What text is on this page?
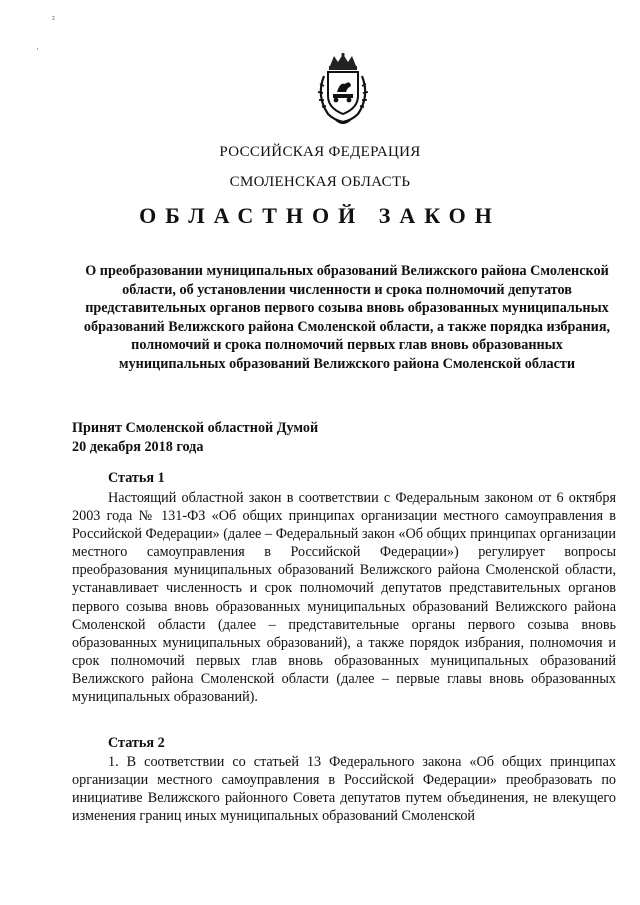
²
·
РОССИЙСКАЯ ФЕДЕРАЦИЯ
СМОЛЕНСКАЯ ОБЛАСТЬ
ОБЛАСТНОЙ ЗАКОН
О преобразовании муниципальных образований Велижского района Смоленской области, об установлении численности и срока полномочий депутатов представительных органов первого созыва вновь образованных муниципальных образований Велижского района Смоленской области, а также порядка избрания, полномочий и срока полномочий первых глав вновь образованных муниципальных образований Велижского района Смоленской области
Принят Смоленской областной Думой
20 декабря 2018 года
Статья 1

Настоящий областной закон в соответствии с Федеральным законом от 6 октября 2003 года № 131-ФЗ «Об общих принципах организации местного самоуправления в Российской Федерации» (далее – Федеральный закон «Об общих принципах организации местного самоуправления в Российской Федерации») регулирует вопросы преобразования муниципальных образований Велижского района Смоленской области, устанавливает численность и срок полномочий депутатов представительных органов первого созыва вновь образованных муниципальных образований Велижского района Смоленской области (далее – представительные органы первого созыва вновь образованных муниципальных образований), а также порядок избрания, полномочия и срок полномочий первых глав вновь образованных муниципальных образований Велижского района Смоленской области (далее – первые главы вновь образованных муниципальных образований).

Статья 2

1. В соответствии со статьей 13 Федерального закона «Об общих принципах организации местного самоуправления в Российской Федерации» преобразовать по инициативе Велижского районного Совета депутатов путем объединения, не влекущего изменения границ иных муниципальных образований Смоленской
